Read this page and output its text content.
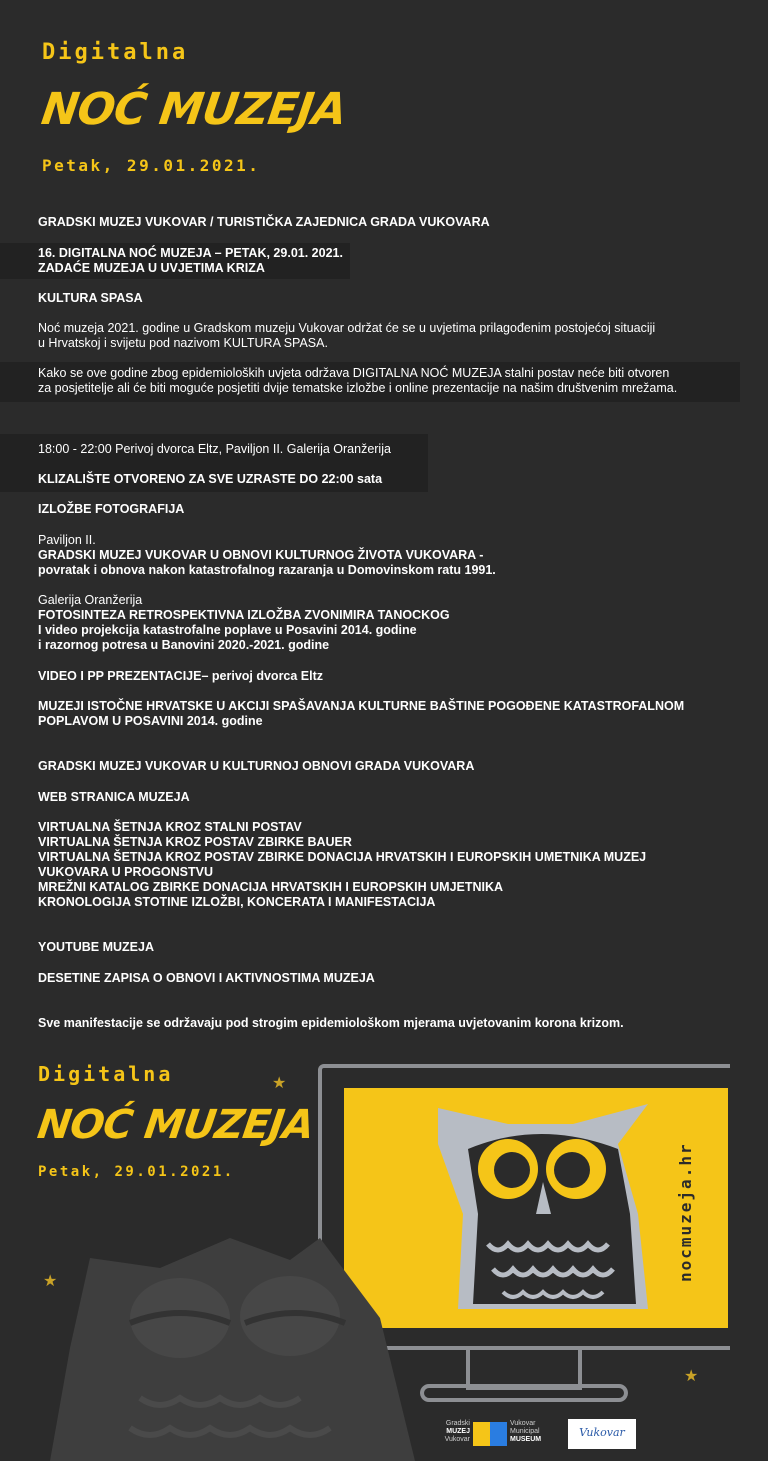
Digitalna
NOĆ MUZEJA
Petak, 29.01.2021.
GRADSKI MUZEJ VUKOVAR / TURISTIČKA ZAJEDNICA GRADA VUKOVARA
16. DIGITALNA NOĆ MUZEJA – PETAK, 29.01. 2021.
ZADAĆE MUZEJA U UVJETIMA KRIZA
KULTURA SPASA
Noć muzeja 2021. godine u Gradskom muzeju Vukovar održat će se u uvjetima prilagođenim postojećoj situaciji
u Hrvatskoj i svijetu pod nazivom KULTURA SPASA.
Kako se ove godine zbog epidemioloških uvjeta održava DIGITALNA NOĆ MUZEJA stalni postav neće biti otvoren
za posjetitelje ali će biti moguće posjetiti dvije tematske izložbe i online prezentacije na našim društvenim mrežama.
18:00 - 22:00 Perivoj dvorca Eltz, Paviljon II. Galerija Oranžerija
KLIZALIŠTE OTVORENO ZA SVE UZRASTE DO 22:00 sata
IZLOŽBE FOTOGRAFIJA
Paviljon II.
GRADSKI MUZEJ VUKOVAR U OBNOVI KULTURNOG ŽIVOTA VUKOVARA -
povratak i obnova nakon katastrofalnog razaranja u Domovinskom ratu 1991.
Galerija Oranžerija
FOTOSINTEZA RETROSPEKTIVNA IZLOŽBA ZVONIMIRA TANOCKOG
I video projekcija katastrofalne poplave u Posavini 2014. godine
i razornog potresa u Banovini 2020.-2021. godine
VIDEO I PP PREZENTACIJE– perivoj dvorca Eltz
MUZEJI ISTOČNE HRVATSKE U AKCIJI SPAŠAVANJA KULTURNE BAŠTINE POGOĐENE KATASTROFALNOM
POPLAVOM U POSAVINI 2014. godine
GRADSKI MUZEJ VUKOVAR U KULTURNOJ OBNOVI GRADA VUKOVARA
WEB STRANICA MUZEJA
VIRTUALNA ŠETNJA KROZ STALNI POSTAV
VIRTUALNA ŠETNJA KROZ POSTAV ZBIRKE BAUER
VIRTUALNA ŠETNJA KROZ POSTAV ZBIRKE DONACIJA HRVATSKIH I EUROPSKIH UMETNIKA MUZEJ
VUKOVARA U PROGONSTVU
MREŽNI KATALOG ZBIRKE DONACIJA HRVATSKIH I EUROPSKIH UMJETNIKA
KRONOLOGIJA STOTINE IZLOŽBI, KONCERATA I MANIFESTACIJA
YOUTUBE MUZEJA
DESETINE ZAPISA O OBNOVI I AKTIVNOSTIMA MUZEJA
Sve manifestacije se održavaju pod strogim epidemiološkom mjerama uvjetovanim korona krizom.
Digitalna
NOĆ MUZEJA
Petak, 29.01.2021.
★
★
★
nocmuzeja.hr
Gradski
MUZEJ
Vukovar
Vukovar
Municipal
MUSEUM
Vukovar
